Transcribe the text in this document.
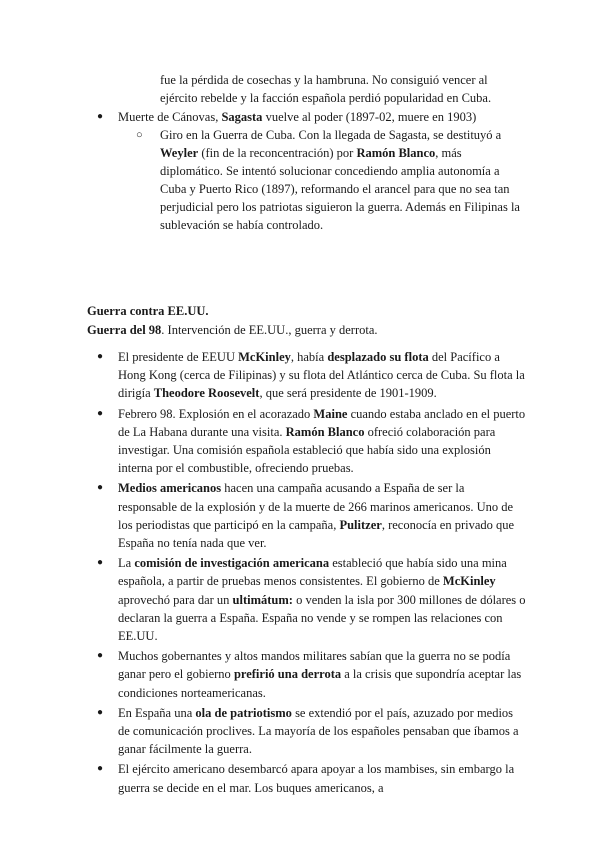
fue la pérdida de cosechas y la hambruna. No consiguió vencer al ejército rebelde y la facción española perdió popularidad en Cuba.
● Muerte de Cánovas, Sagasta vuelve al poder (1897-02, muere en 1903)
○ Giro en la Guerra de Cuba. Con la llegada de Sagasta, se destituyó a Weyler (fin de la reconcentración) por Ramón Blanco, más diplomático. Se intentó solucionar concediendo amplia autonomía a Cuba y Puerto Rico (1897), reformando el arancel para que no sea tan perjudicial pero los patriotas siguieron la guerra. Además en Filipinas la sublevación se había controlado.
Guerra contra EE.UU.
Guerra del 98. Intervención de EE.UU., guerra y derrota.
● El presidente de EEUU McKinley, había desplazado su flota del Pacífico a Hong Kong (cerca de Filipinas) y su flota del Atlántico cerca de Cuba. Su flota la dirigía Theodore Roosevelt, que será presidente de 1901-1909.
● Febrero 98. Explosión en el acorazado Maine cuando estaba anclado en el puerto de La Habana durante una visita. Ramón Blanco ofreció colaboración para investigar. Una comisión española estableció que había sido una explosión interna por el combustible, ofreciendo pruebas.
● Medios americanos hacen una campaña acusando a España de ser la responsable de la explosión y de la muerte de 266 marinos americanos. Uno de los periodistas que participó en la campaña, Pulitzer, reconocía en privado que España no tenía nada que ver.
● La comisión de investigación americana estableció que había sido una mina española, a partir de pruebas menos consistentes. El gobierno de McKinley aprovechó para dar un ultimátum: o venden la isla por 300 millones de dólares o declaran la guerra a España. España no vende y se rompen las relaciones con EE.UU.
● Muchos gobernantes y altos mandos militares sabían que la guerra no se podía ganar pero el gobierno prefirió una derrota a la crisis que supondría aceptar las condiciones norteamericanas.
● En España una ola de patriotismo se extendió por el país, azuzado por medios de comunicación proclives. La mayoría de los españoles pensaban que íbamos a ganar fácilmente la guerra.
● El ejército americano desembarcó apara apoyar a los mambises, sin embargo la guerra se decide en el mar. Los buques americanos, a
